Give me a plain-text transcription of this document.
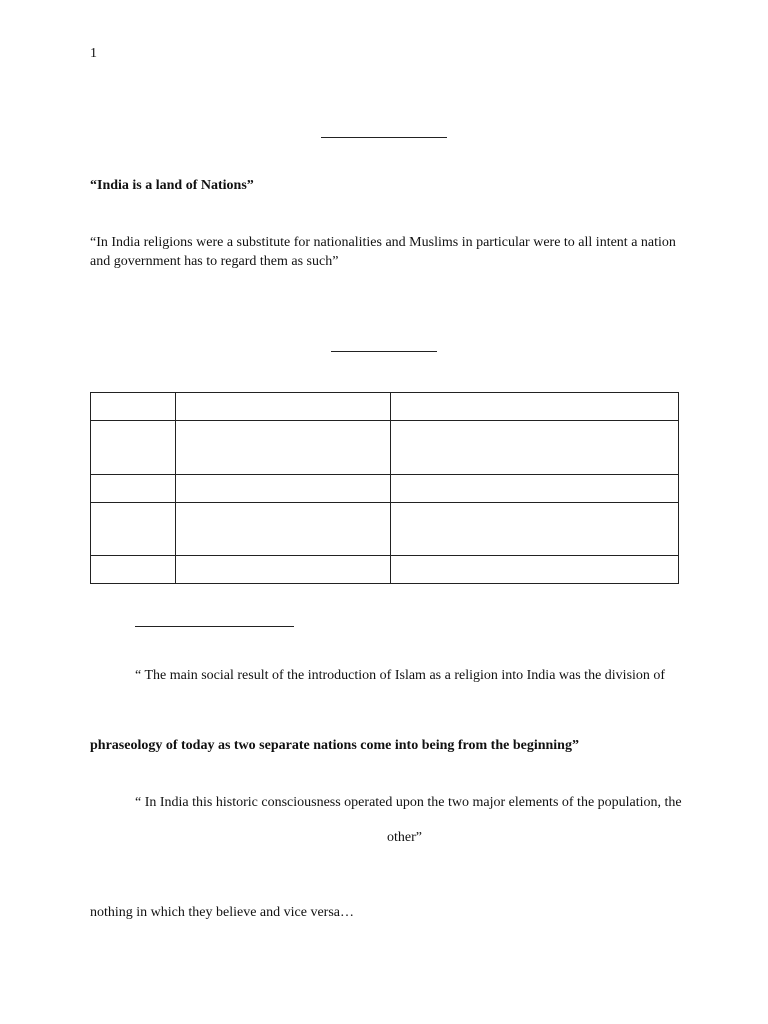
1
“India is a land of Nations”
“In India religions were a substitute for nationalities and Muslims in particular were to all intent a nation
and government has to regard them as such”

“ The main social result of the introduction of Islam as a religion into India was the division of
phraseology of today as two separate nations come into being from the beginning”
“ In India this historic consciousness operated upon the two major elements of the population, the
other”
nothing in which they believe and vice versa…
